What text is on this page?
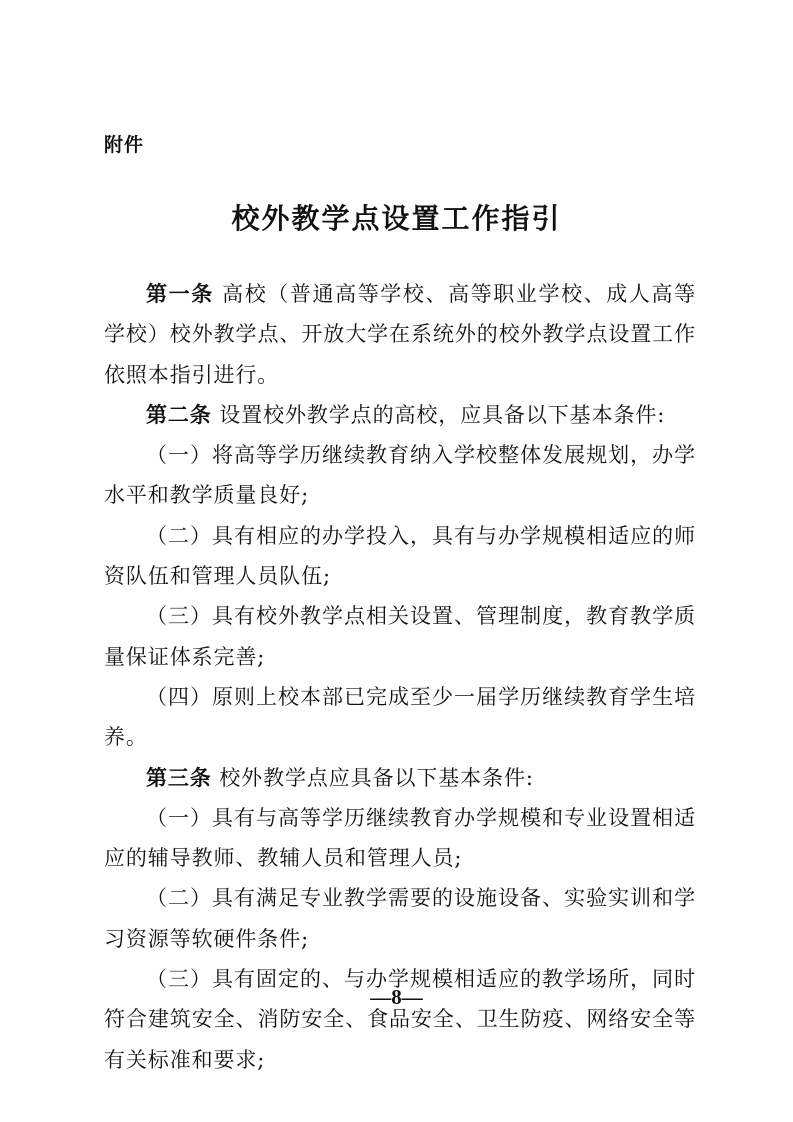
附件
校外教学点设置工作指引

第一条 高校（普通高等学校、高等职业学校、成人高等学校）校外教学点、开放大学在系统外的校外教学点设置工作依照本指引进行。

第二条 设置校外教学点的高校，应具备以下基本条件:

（一）将高等学历继续教育纳入学校整体发展规划，办学水平和教学质量良好;

（二）具有相应的办学投入，具有与办学规模相适应的师资队伍和管理人员队伍;

（三）具有校外教学点相关设置、管理制度，教育教学质量保证体系完善;

（四）原则上校本部已完成至少一届学历继续教育学生培养。

第三条 校外教学点应具备以下基本条件:

（一）具有与高等学历继续教育办学规模和专业设置相适应的辅导教师、教辅人员和管理人员;

（二）具有满足专业教学需要的设施设备、实验实训和学习资源等软硬件条件;

（三）具有固定的、与办学规模相适应的教学场所，同时符合建筑安全、消防安全、食品安全、卫生防疫、网络安全等有关标准和要求;

—8—
